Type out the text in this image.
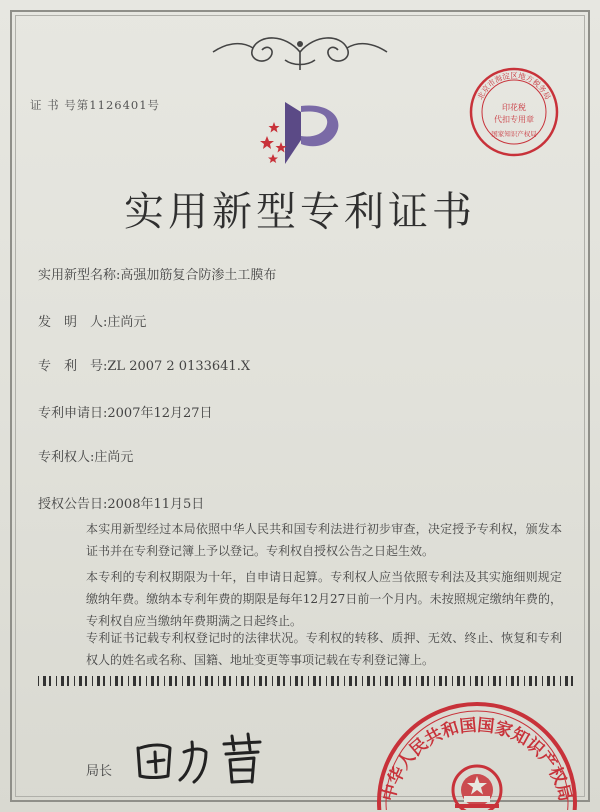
证 书 号第1126401号
北京市海淀区地方税务局
印花税
代扣专用章
国家知识产权局
实用新型专利证书
实用新型名称:高强加筋复合防渗土工膜布
发　明　人:庄尚元
专　利　号:ZL 2007 2 0133641.X
专利申请日:2007年12月27日
专利权人:庄尚元
授权公告日:2008年11月5日
本实用新型经过本局依照中华人民共和国专利法进行初步审查，决定授予专利权，颁发本证书并在专利登记簿上予以登记。专利权自授权公告之日起生效。
本专利的专利权期限为十年，自申请日起算。专利权人应当依照专利法及其实施细则规定缴纳年费。缴纳本专利年费的期限是每年12月27日前一个月内。未按照规定缴纳年费的，专利权自应当缴纳年费期满之日起终止。
专利证书记载专利权登记时的法律状况。专利权的转移、质押、无效、终止、恢复和专利权人的姓名或名称、国籍、地址变更等事项记载在专利登记簿上。
局长
中华人民共和国国家知识产权局
